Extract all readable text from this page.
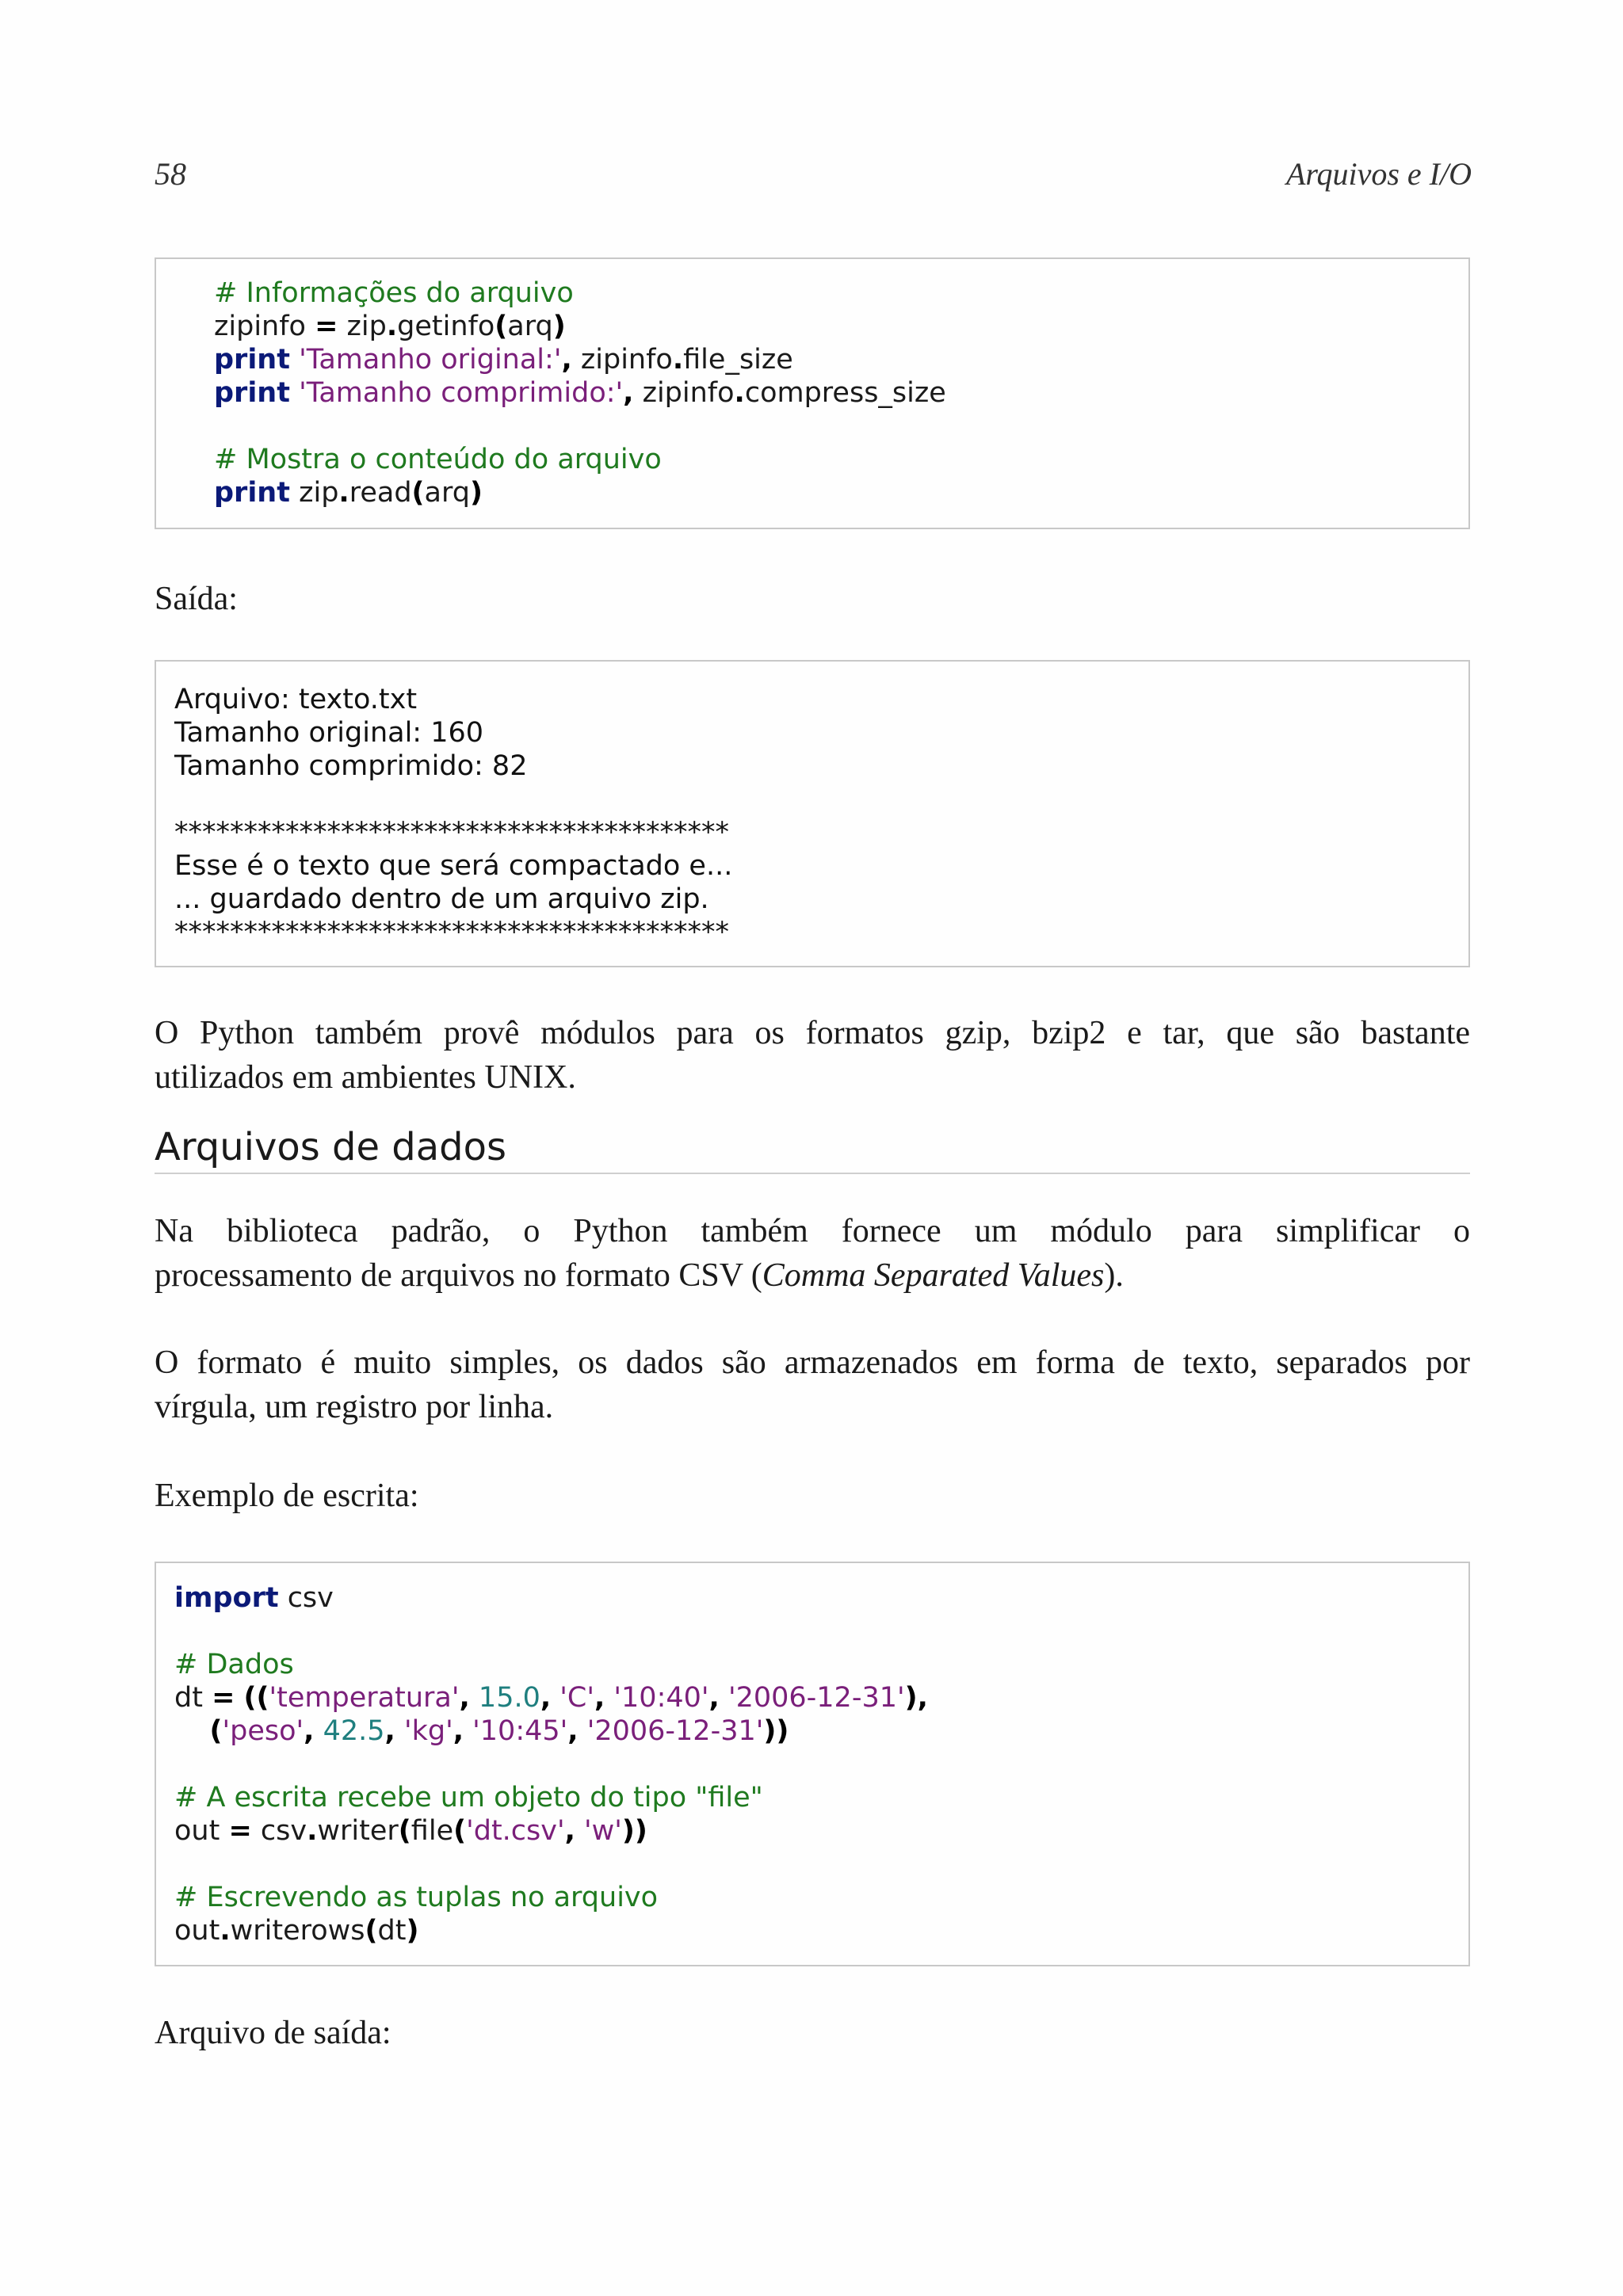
58	Arquivos e I/O
# Informações do arquivo
zipinfo = zip.getinfo(arq)
print 'Tamanho original:', zipinfo.file_size
print 'Tamanho comprimido:', zipinfo.compress_size
# Mostra o conteúdo do arquivo
print zip.read(arq)
Saída:
Arquivo: texto.txt
Tamanho original: 160
Tamanho comprimido: 82
****************************************
Esse é o texto que será compactado e...
... guardado dentro de um arquivo zip.
****************************************
O Python também provê módulos para os formatos gzip, bzip2 e tar, que são bastante
utilizados em ambientes UNIX.
Arquivos de dados
Na biblioteca padrão, o Python também fornece um módulo para simplificar o
processamento de arquivos no formato CSV (Comma Separated Values).
O formato é muito simples, os dados são armazenados em forma de texto, separados por
vírgula, um registro por linha.
Exemplo de escrita:
import csv
# Dados
dt = (('temperatura', 15.0, 'C', '10:40', '2006-12-31'),
('peso', 42.5, 'kg', '10:45', '2006-12-31'))
# A escrita recebe um objeto do tipo "file"
out = csv.writer(file('dt.csv', 'w'))
# Escrevendo as tuplas no arquivo
out.writerows(dt)
Arquivo de saída:
